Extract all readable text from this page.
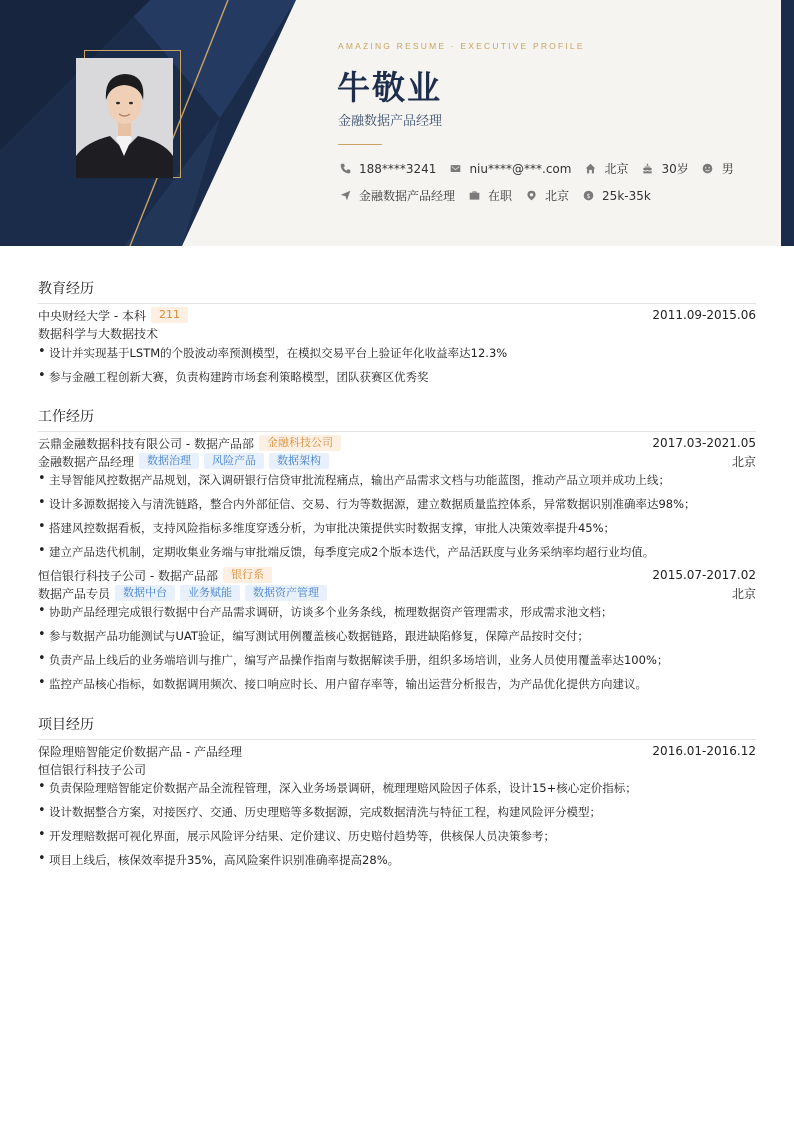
AMAZING RESUME · EXECUTIVE PROFILE
牛敬业
金融数据产品经理
188****3241	niu****@***.com	北京	30岁	男
金融数据产品经理	在职	北京 $ 25k-35k
教育经历
中央财经大学 - 本科	211	2011.09-2015.06
数据科学与大数据技术
• 设计并实现基于LSTM的个股波动率预测模型，在模拟交易平台上验证年化收益率达12.3%
• 参与金融工程创新大赛，负责构建跨市场套利策略模型，团队获赛区优秀奖
工作经历
云鼎金融数据科技有限公司 - 数据产品部	金融科技公司	2017.03-2021.05
金融数据产品经理	数据治理	风险产品	数据架构	北京
• 主导智能风控数据产品规划，深入调研银行信贷审批流程痛点，输出产品需求文档与功能蓝图，推动产品立项并成功上线；
• 设计多源数据接入与清洗链路，整合内外部征信、交易、行为等数据源，建立数据质量监控体系，异常数据识别准确率达98%；
• 搭建风控数据看板，支持风险指标多维度穿透分析，为审批决策提供实时数据支撑，审批人决策效率提升45%；
• 建立产品迭代机制，定期收集业务端与审批端反馈，每季度完成2个版本迭代，产品活跃度与业务采纳率均超行业均值。
恒信银行科技子公司 - 数据产品部	银行系	2015.07-2017.02
数据产品专员	数据中台	业务赋能	数据资产管理	北京
• 协助产品经理完成银行数据中台产品需求调研，访谈多个业务条线，梳理数据资产管理需求，形成需求池文档；
• 参与数据产品功能测试与UAT验证，编写测试用例覆盖核心数据链路，跟进缺陷修复，保障产品按时交付；
• 负责产品上线后的业务端培训与推广，编写产品操作指南与数据解读手册，组织多场培训，业务人员使用覆盖率达100%；
• 监控产品核心指标，如数据调用频次、接口响应时长、用户留存率等，输出运营分析报告，为产品优化提供方向建议。
项目经历
保险理赔智能定价数据产品 - 产品经理	2016.01-2016.12
恒信银行科技子公司
• 负责保险理赔智能定价数据产品全流程管理，深入业务场景调研，梳理理赔风险因子体系，设计15+核心定价指标；
• 设计数据整合方案，对接医疗、交通、历史理赔等多数据源，完成数据清洗与特征工程，构建风险评分模型；
• 开发理赔数据可视化界面，展示风险评分结果、定价建议、历史赔付趋势等，供核保人员决策参考；
• 项目上线后，核保效率提升35%，高风险案件识别准确率提高28%。
